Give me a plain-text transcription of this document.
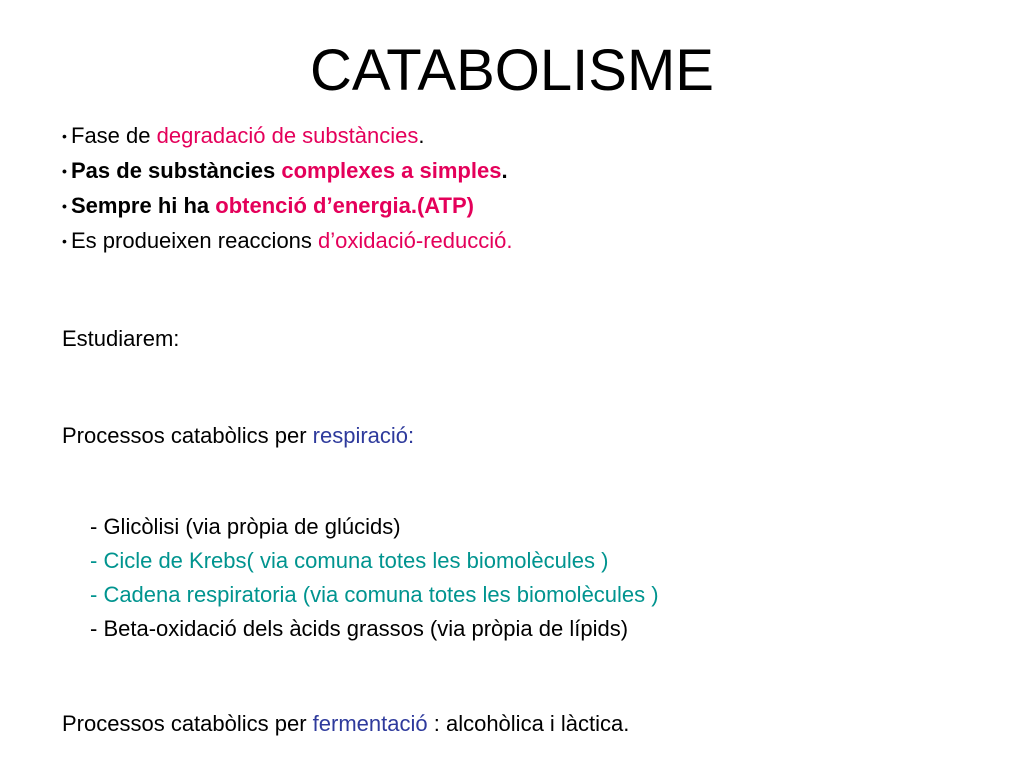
CATABOLISME
• Fase de degradació de substàncies.
• Pas de substàncies complexes a simples.
• Sempre hi ha obtenció d’energia.(ATP)
• Es produeixen reaccions d’oxidació-reducció.
Estudiarem:
Processos catabòlics per respiració:
- Glicòlisi (via pròpia de glúcids)
- Cicle de Krebs( via comuna totes les biomolècules )
- Cadena respiratoria (via comuna totes les biomolècules )
- Beta-oxidació dels àcids grassos (via pròpia de lípids)
Processos catabòlics per fermentació : alcohòlica i làctica.
